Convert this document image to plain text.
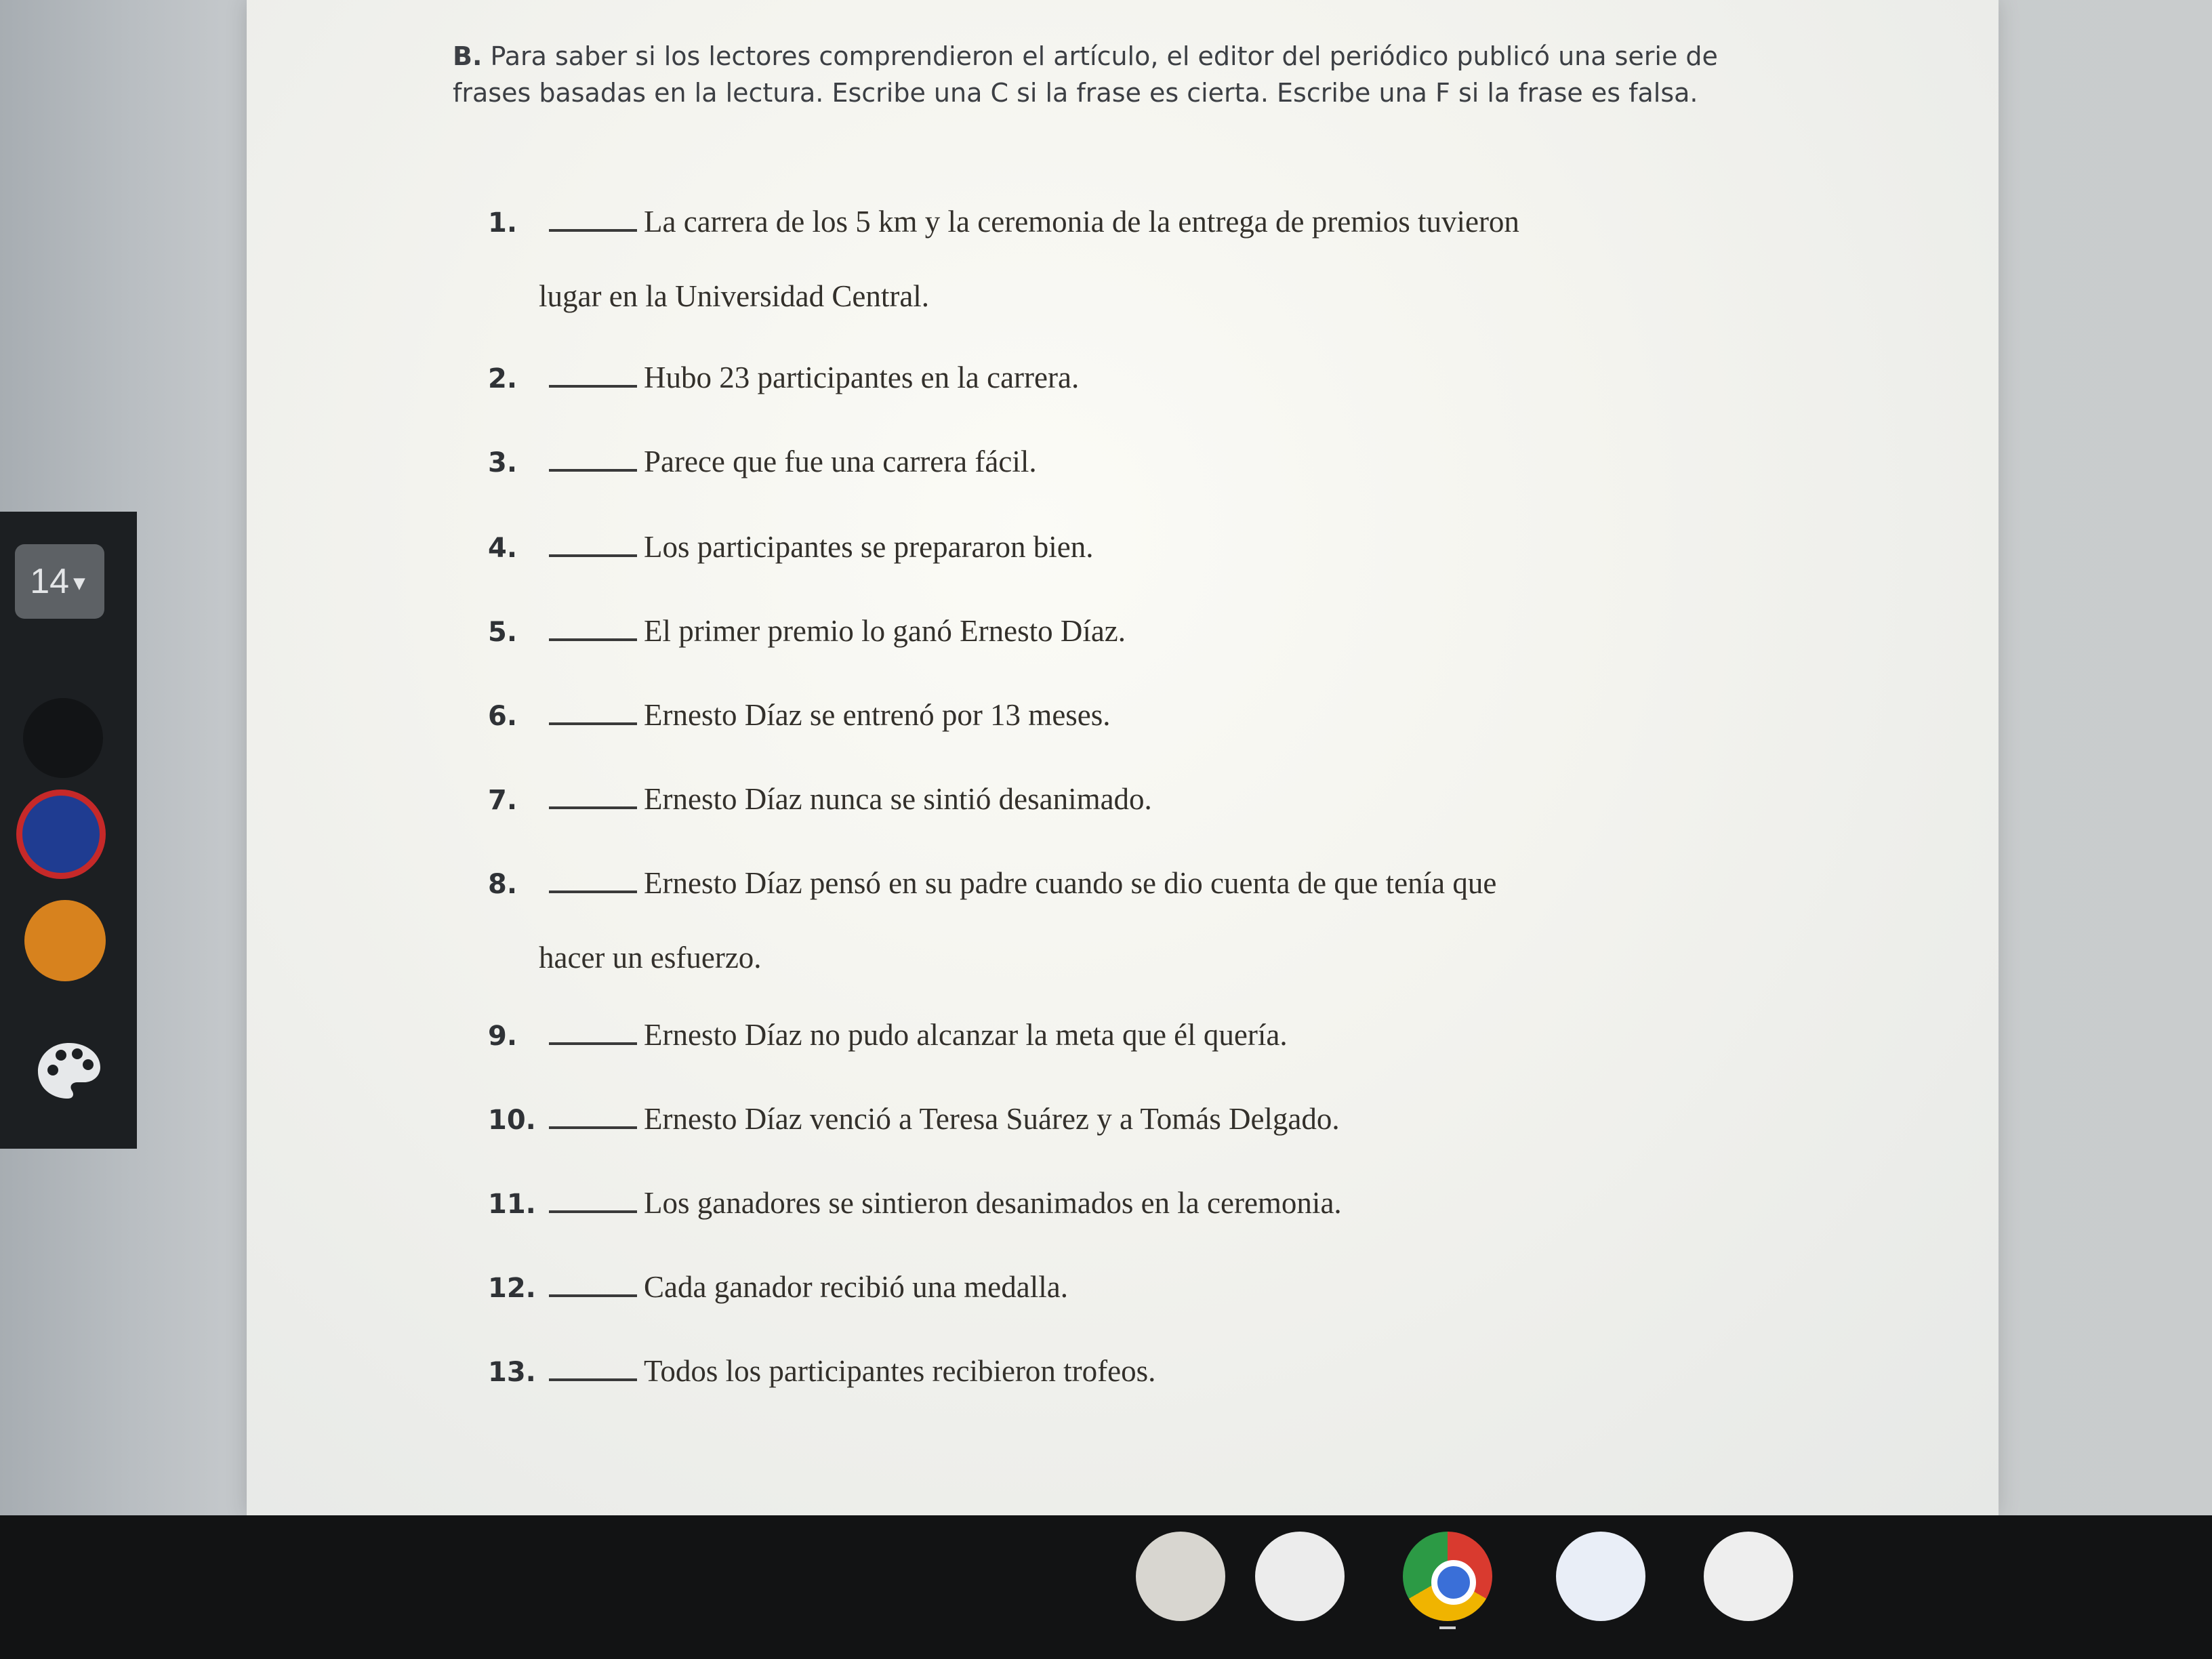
B. Para saber si los lectores comprendieron el artículo, el editor del periódico publicó una serie de frases basadas en la lectura. Escribe una C si la frase es cierta. Escribe una F si la frase es falsa.

1.	La carrera de los 5 km y la ceremonia de la entrega de premios tuvieron
lugar en la Universidad Central.
2.	Hubo 23 participantes en la carrera.
3.	Parece que fue una carrera fácil.
4.	Los participantes se prepararon bien.
5.	El primer premio lo ganó Ernesto Díaz.
6.	Ernesto Díaz se entrenó por 13 meses.
7.	Ernesto Díaz nunca se sintió desanimado.
8.	Ernesto Díaz pensó en su padre cuando se dio cuenta de que tenía que
hacer un esfuerzo.
9.	Ernesto Díaz no pudo alcanzar la meta que él quería.
10.	Ernesto Díaz venció a Teresa Suárez y a Tomás Delgado.
11.	Los ganadores se sintieron desanimados en la ceremonia.
12.	Cada ganador recibió una medalla.
13.	Todos los participantes recibieron trofeos.
14▼
